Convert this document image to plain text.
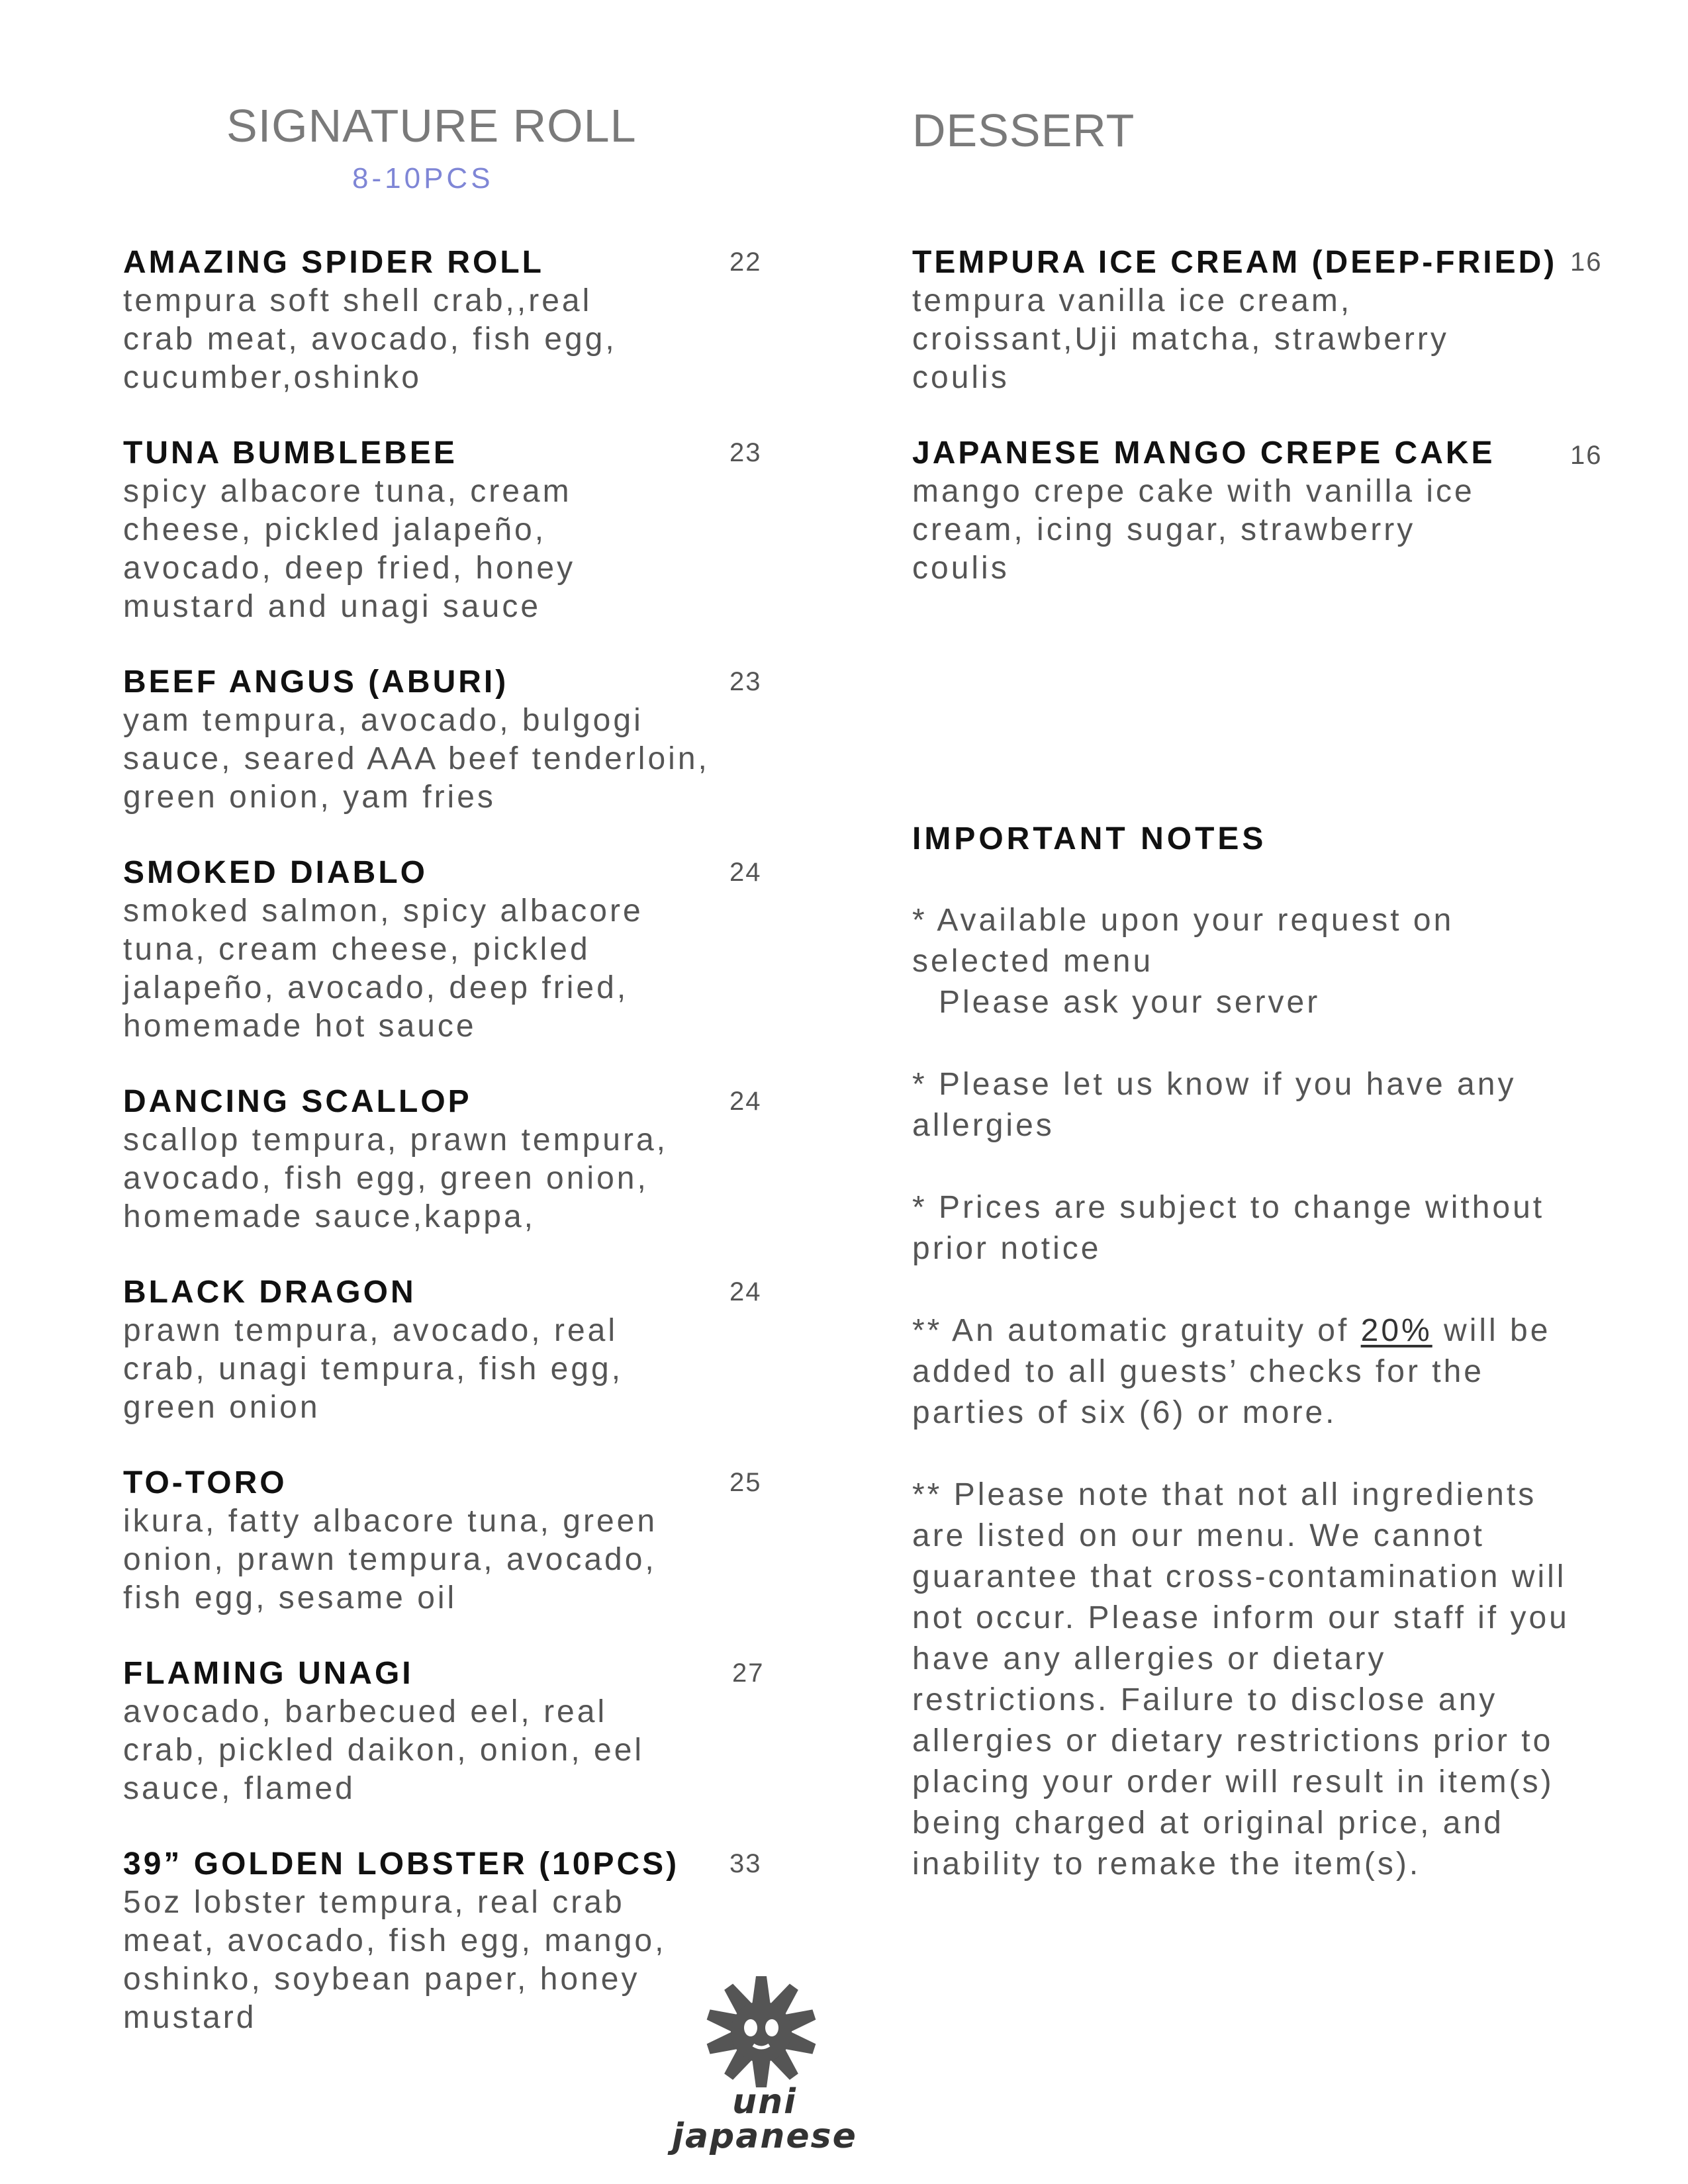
SIGNATURE ROLL
8-10PCS
DESSERT
AMAZING SPIDER ROLL
tempura soft shell crab,,real crab meat, avocado, fish egg, cucumber,oshinko
22
TUNA BUMBLEBEE
spicy albacore tuna, cream cheese, pickled jalapeño, avocado, deep fried, honey mustard and unagi sauce
23
BEEF ANGUS (ABURI)
yam tempura, avocado, bulgogi sauce, seared AAA beef tenderloin, green onion, yam fries
23
SMOKED DIABLO
smoked salmon, spicy albacore tuna, cream cheese, pickled jalapeño, avocado, deep fried, homemade hot sauce
24
DANCING SCALLOP
scallop tempura, prawn tempura, avocado, fish egg, green onion, homemade sauce,kappa,
24
BLACK DRAGON
prawn tempura, avocado, real crab, unagi tempura, fish egg, green onion
24
TO-TORO
ikura, fatty albacore tuna, green onion, prawn tempura, avocado, fish egg, sesame oil
25
FLAMING UNAGI
avocado, barbecued eel, real crab, pickled daikon, onion, eel sauce, flamed
27
39” GOLDEN LOBSTER (10PCS)
5oz lobster tempura, real crab meat, avocado, fish egg, mango, oshinko, soybean paper, honey mustard
33
TEMPURA ICE CREAM (DEEP-FRIED)
tempura vanilla ice cream, croissant,Uji matcha, strawberry coulis
16
JAPANESE MANGO CREPE CAKE
mango crepe cake with vanilla ice cream, icing sugar, strawberry coulis
16
IMPORTANT NOTES

* Available upon your request on selected menu
Please ask your server

* Please let us know if you have any allergies

* Prices are subject to change without prior notice

** An automatic gratuity of 20% will be added to all guests’ checks for the parties of six (6) or more.

** Please note that not all ingredients are listed on our menu. We cannot guarantee that cross-contamination will not occur. Please inform our staff if you have any allergies or dietary restrictions. Failure to disclose any allergies or dietary restrictions prior to placing your order will result in item(s) being charged at original price, and inability to remake the item(s).

uni japanese
